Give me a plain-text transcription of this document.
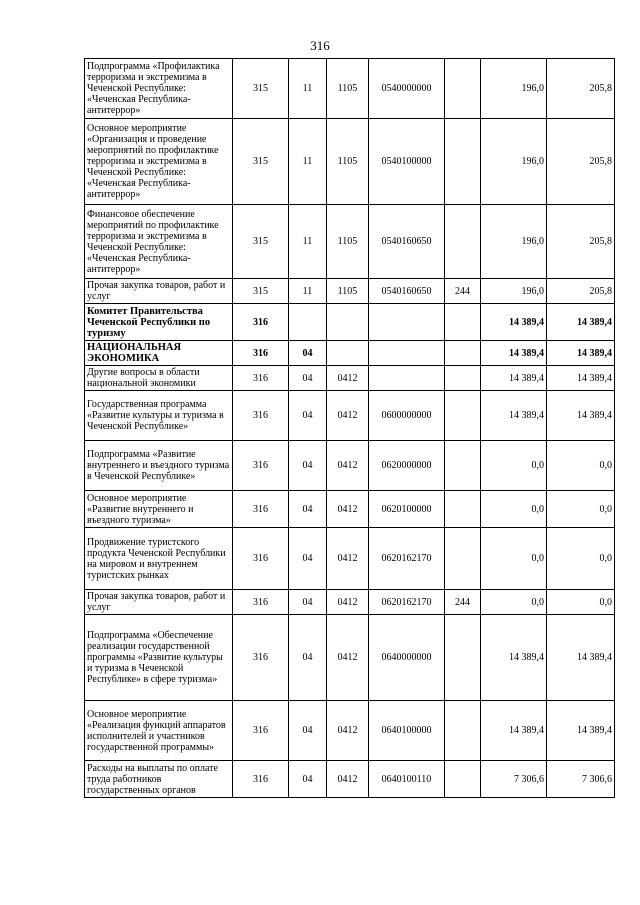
316
Подпрограмма «Профилактика терроризма и экстремизма в Чеченской Республике: «Чеченская Республика-антитеррор»	315	11	1105	0540000000		196,0	205,8
Основное мероприятие «Организация и проведение мероприятий по профилактике терроризма и экстремизма в Чеченской Республике: «Чеченская Республика-антитеррор»	315	11	1105	0540100000		196,0	205,8
Финансовое обеспечение мероприятий по профилактике терроризма и экстремизма в Чеченской Республике: «Чеченская Республика-антитеррор»	315	11	1105	0540160650		196,0	205,8
Прочая закупка товаров, работ и услуг	315	11	1105	0540160650	244	196,0	205,8
Комитет Правительства Чеченской Республики по туризму	316					14 389,4	14 389,4
НАЦИОНАЛЬНАЯ ЭКОНОМИКА	316	04				14 389,4	14 389,4
Другие вопросы в области национальной экономики	316	04	0412			14 389,4	14 389,4
Государственная программа «Развитие культуры и туризма в Чеченской Республике»	316	04	0412	0600000000		14 389,4	14 389,4
Подпрограмма «Развитие внутреннего и въездного туризма в Чеченской Республике»	316	04	0412	0620000000		0,0	0,0
Основное мероприятие «Развитие внутреннего и въездного туризма»	316	04	0412	0620100000		0,0	0,0
Продвижение туристского продукта Чеченской Республики на мировом и внутреннем туристских рынках	316	04	0412	0620162170		0,0	0,0
Прочая закупка товаров, работ и услуг	316	04	0412	0620162170	244	0,0	0,0
Подпрограмма «Обеспечение реализации государственной программы «Развитие культуры и туризма в Чеченской Республике» в сфере туризма»	316	04	0412	0640000000		14 389,4	14 389,4
Основное мероприятие «Реализация функций аппаратов исполнителей и участников государственной программы»	316	04	0412	0640100000		14 389,4	14 389,4
Расходы на выплаты по оплате труда работников государственных органов	316	04	0412	0640100110		7 306,6	7 306,6
